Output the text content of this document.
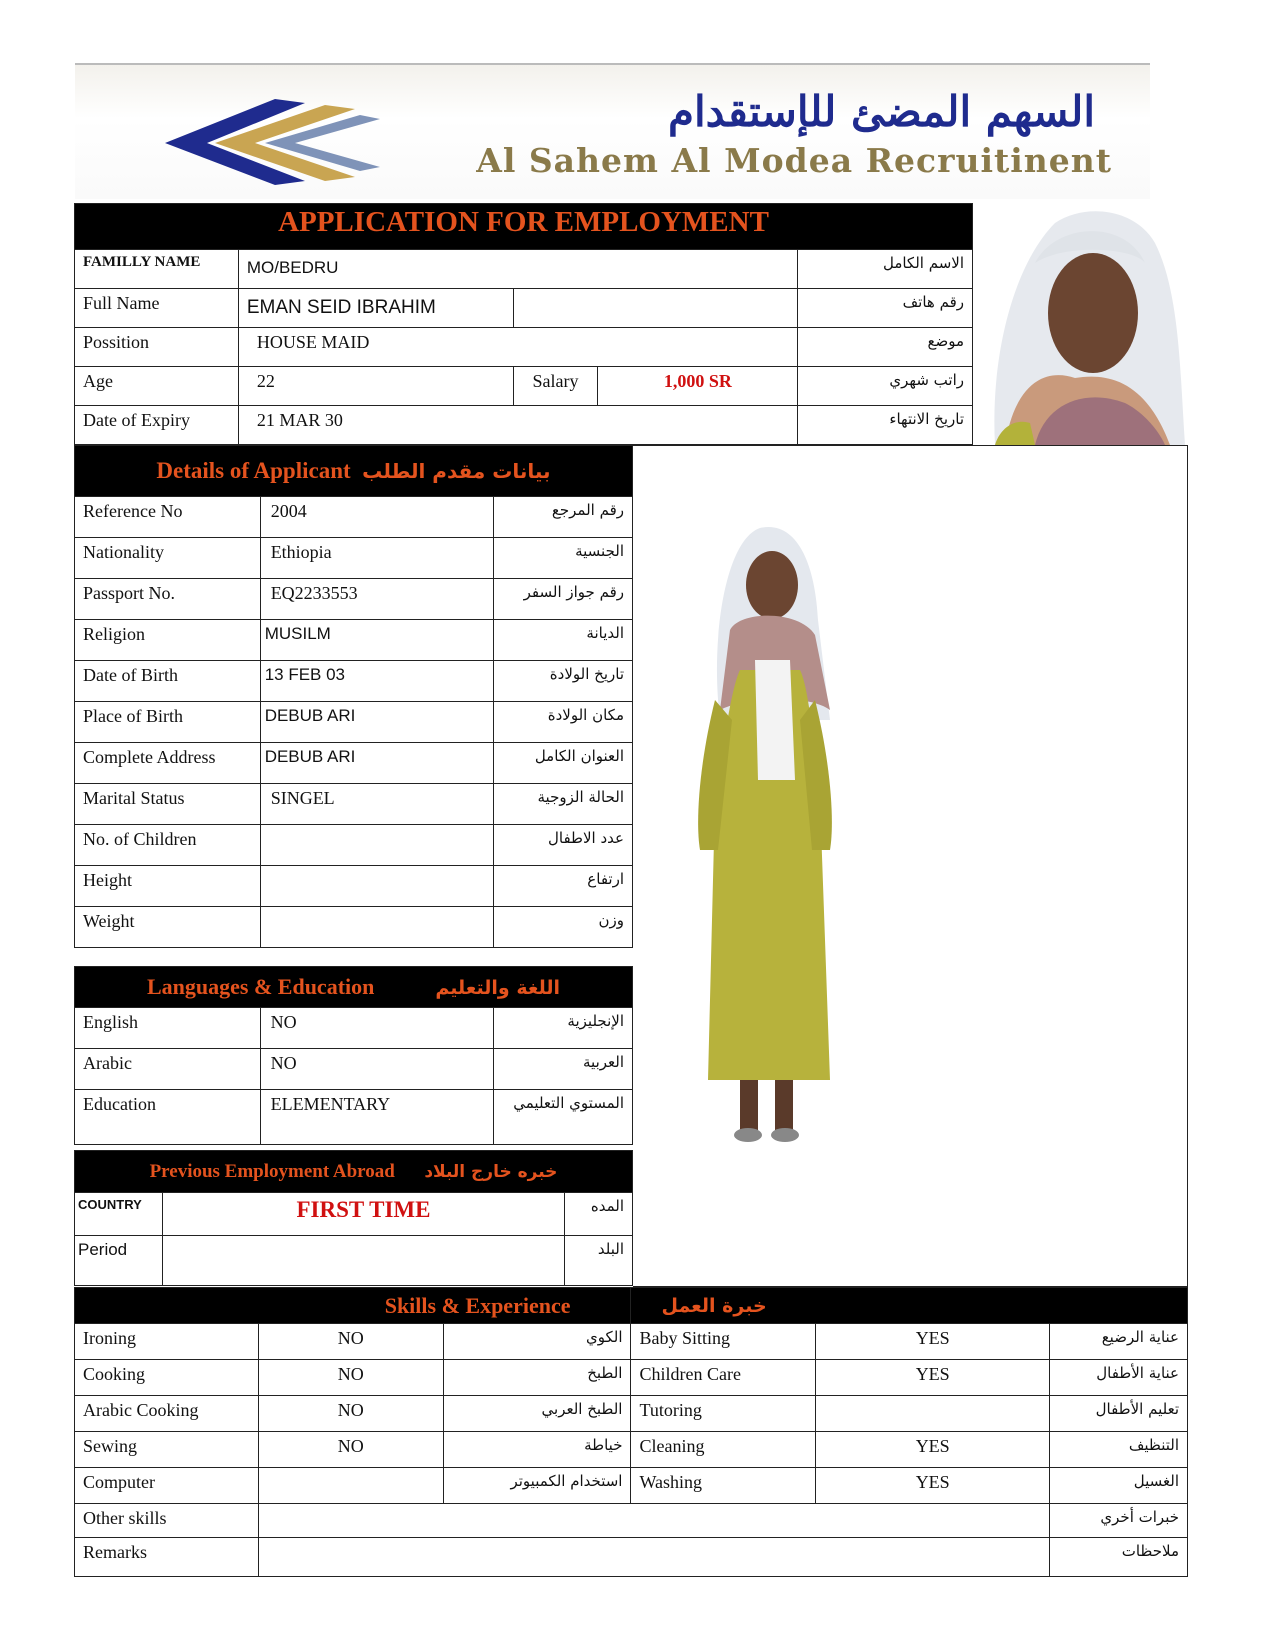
السهم المضئ للإستقدام
Al Sahem Al Modea Recruitinent
APPLICATION FOR EMPLOYMENT				
FAMILLY NAME	MO/BEDRU			الاسم الكامل
Full Name	EMAN SEID IBRAHIM			رقم هاتف
Possition	HOUSE MAID			موضع
Age	22	Salary	1,000 SR	راتب شهري
Date of Expiry	21 MAR 30			تاريخ الانتهاء
Details of Applicant بيانات مقدم الطلب		
Reference No	2004	رقم المرجع
Nationality	Ethiopia	الجنسية
Passport No.	EQ2233553	رقم جواز السفر
Religion	MUSILM	الديانة
Date of Birth	13 FEB 03	تاريخ الولادة
Place of Birth	DEBUB ARI	مكان الولادة
Complete Address	DEBUB ARI	العنوان الكامل
Marital Status	SINGEL	الحالة الزوجية
No. of Children		عدد الاطفال
Height		ارتفاع
Weight		وزن
Languages & Education اللغة والتعليم		
English	NO	الإنجليزية
Arabic	NO	العربية
Education	ELEMENTARY	المستوي التعليمي
Previous Employment Abroad خبره خارج البلاد		
COUNTRY	FIRST TIME	المده
Period		البلد
Skills & Experience			خبرة العمل		
Ironing	NO	الكوي	Baby Sitting	YES	عناية الرضيع
Cooking	NO	الطبخ	Children Care	YES	عناية الأطفال
Arabic Cooking	NO	الطبخ العربي	Tutoring		تعليم الأطفال
Sewing	NO	خياطة	Cleaning	YES	التنظيف
Computer		استخدام الكمبيوتر	Washing	YES	الغسيل
Other skills					خبرات أخري
Remarks					ملاحظات
